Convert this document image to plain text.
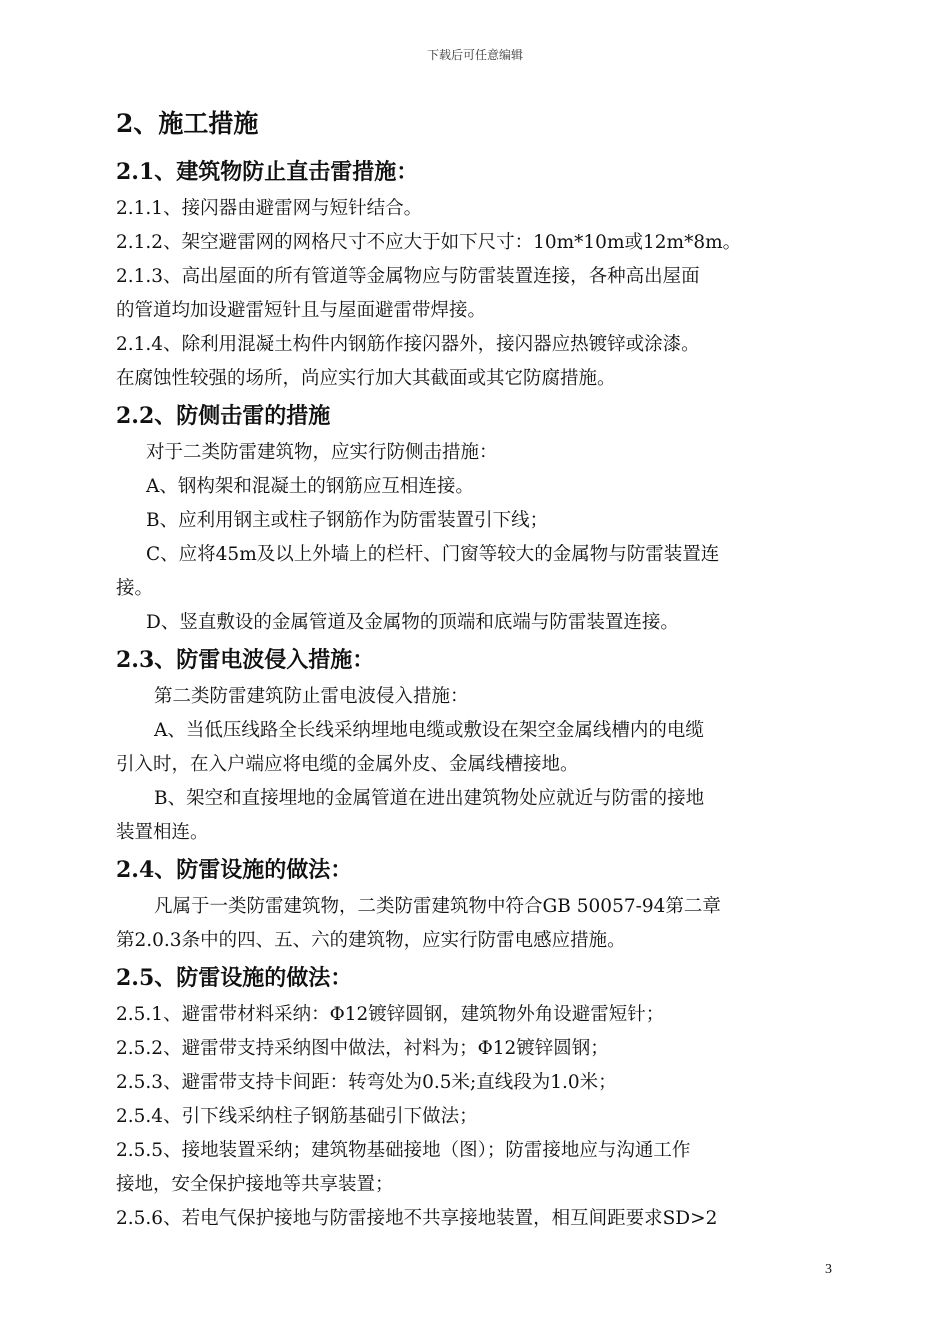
下载后可任意编辑
2、施工措施
2.1、建筑物防止直击雷措施：
2.1.1、接闪器由避雷网与短针结合。
2.1.2、架空避雷网的网格尺寸不应大于如下尺寸：10m*10m或12m*8m。
2.1.3、高出屋面的所有管道等金属物应与防雷装置连接，各种高出屋面
的管道均加设避雷短针且与屋面避雷带焊接。
2.1.4、除利用混凝土构件内钢筋作接闪器外，接闪器应热镀锌或涂漆。
在腐蚀性较强的场所，尚应实行加大其截面或其它防腐措施。
2.2、防侧击雷的措施
对于二类防雷建筑物，应实行防侧击措施：
A、钢构架和混凝土的钢筋应互相连接。
B、应利用钢主或柱子钢筋作为防雷装置引下线；
C、应将45m及以上外墙上的栏杆、门窗等较大的金属物与防雷装置连
接。
D、竖直敷设的金属管道及金属物的顶端和底端与防雷装置连接。
2.3、防雷电波侵入措施：
第二类防雷建筑防止雷电波侵入措施：
A、当低压线路全长线采纳埋地电缆或敷设在架空金属线槽内的电缆
引入时，在入户端应将电缆的金属外皮、金属线槽接地。
B、架空和直接埋地的金属管道在进出建筑物处应就近与防雷的接地
装置相连。
2.4、防雷设施的做法：
凡属于一类防雷建筑物，二类防雷建筑物中符合GB 50057-94第二章
第2.0.3条中的四、五、六的建筑物，应实行防雷电感应措施。
2.5、防雷设施的做法：
2.5.1、避雷带材料采纳：Φ12镀锌圆钢，建筑物外角设避雷短针；
2.5.2、避雷带支持采纳图中做法，衬料为；Φ12镀锌圆钢；
2.5.3、避雷带支持卡间距：转弯处为0.5米;直线段为1.0米；
2.5.4、引下线采纳柱子钢筋基础引下做法；
2.5.5、接地装置采纳；建筑物基础接地（图）；防雷接地应与沟通工作
接地，安全保护接地等共享装置；
2.5.6、若电气保护接地与防雷接地不共享接地装置，相互间距要求SD>2
3
